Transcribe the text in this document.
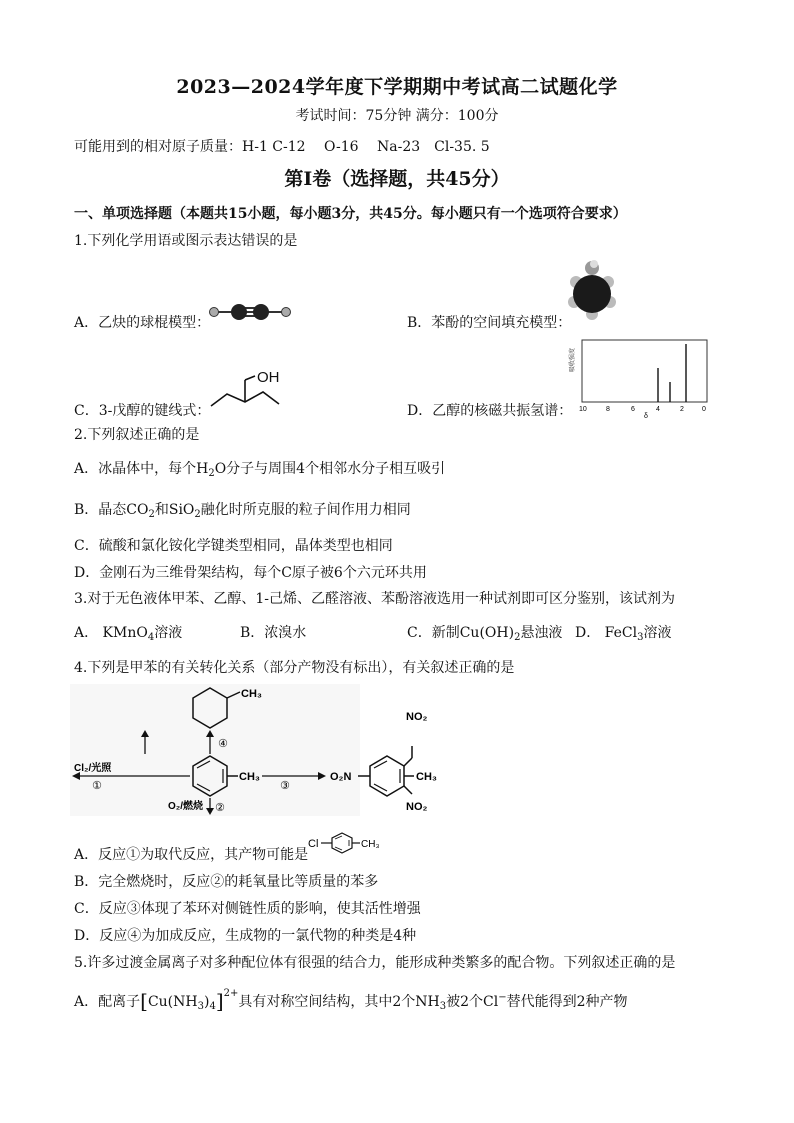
2023—2024学年度下学期期中考试高二试题化学
考试时间：75分钟 满分：100分
可能用到的相对原子质量：H-1 C-12　 O-16　 Na-23　Cl-35. 5
第Ⅰ卷（选择题，共45分）
一、单项选择题（本题共15小题，每小题3分，共45分。每小题只有一个选项符合要求）
1.下列化学用语或图示表达错误的是
A．乙炔的球棍模型：	B．苯酚的空间填充模型：
C．3-戊醇的键线式：
OH
D．乙醇的核磁共振氢谱：
吸收强度
10	8	6	4	2	0
δ
2.下列叙述正确的是
A．冰晶体中，每个$H_2O$分子与周围4个相邻水分子相互吸引
B．晶态$CO_2$和SiO$_2$融化时所克服的粒子间作用力相同
C．硫酸和氯化铵化学键类型相同，晶体类型也相同
D．金刚石为三维骨架结构，每个C原子被6个六元环共用
3.对于无色液体甲苯、乙醇、1-己烯、乙醛溶液、苯酚溶液选用一种试剂即可区分鉴别，该试剂为
A． KMnO$_4$溶液	B．浓溴水	C．新制$Cu(OH)_2$悬浊液 D． FeCl$_3$溶液
4.下列是甲苯的有关转化关系（部分产物没有标出），有关叙述正确的是
CH₃
④
CH₃
Cl₂/光照
①
O₂/燃烧 ②
③
O₂N
NO₂
CH₃
NO₂
A．反应①为取代反应，其产物可能是
Cl	CH₃
B．完全燃烧时，反应②的耗氧量比等质量的苯多
C．反应③体现了苯环对侧链性质的影响，使其活性增强
D．反应④为加成反应，生成物的一氯代物的种类是4种
5.许多过渡金属离子对多种配位体有很强的结合力，能形成种类繁多的配合物。下列叙述正确的是
A．配离子$[Cu(NH_3)_4]^{2+}$具有对称空间结构，其中2个$NH_3$被2个Cl−替代能得到2种产物
